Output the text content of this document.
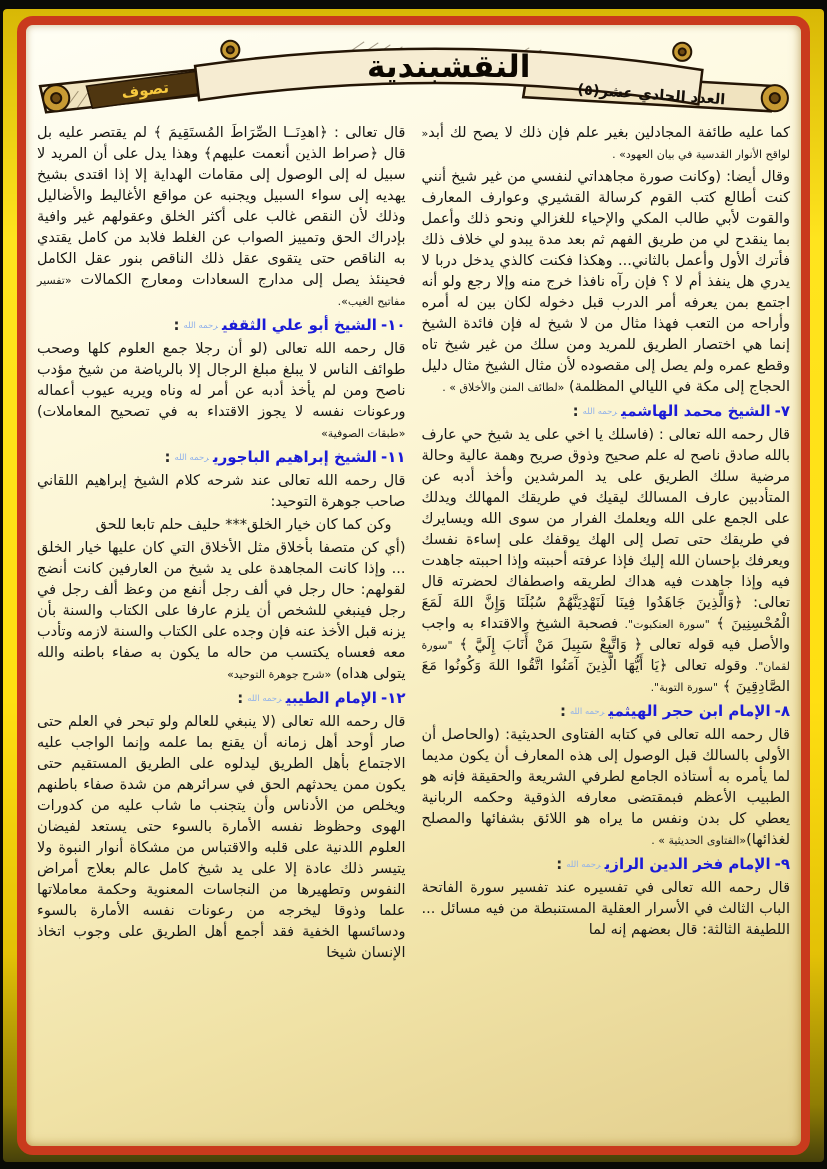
النقشبندية
العدد الحادي عشر(٥)
تصوف

كما عليه طائفة المجادلين بغير علم فإن ذلك لا يصح لك أبد« لواقح الأنوار القدسية في بيان العهود» .

وقال أيضا: (وكانت صورة مجاهداتي لنفسي من غير شيخ أنني كنت أطالع كتب القوم كرسالة القشيري وعوارف المعارف والقوت لأبي طالب المكي والإحياء للغزالي ونحو ذلك وأعمل بما ينقدح لي من طريق الفهم ثم بعد مدة يبدو لي خلاف ذلك فأترك الأول وأعمل بالثاني... وهكذا فكنت كالذي يدخل دربا لا يدري هل ينفذ أم لا ؟ فإن رآه نافذا خرج منه وإلا رجع ولو أنه اجتمع بمن يعرفه أمر الدرب قبل دخوله لكان بين له أمره وأراحه من التعب فهذا مثال من لا شيخ له فإن فائدة الشيخ إنما هي اختصار الطريق للمريد ومن سلك من غير شيخ تاه وقطع عمره ولم يصل إلى مقصوده لأن مثال الشيخ مثال دليل الحجاج إلى مكة في الليالي المظلمة) «لطائف المنن والأخلاق » .

٧-الشيخ محمد الهاشميرحمه الله:

قال رحمه الله تعالى : (فاسلك يا اخي على يد شيخ حي عارف بالله صادق ناصح له علم صحيح وذوق صريح وهمة عالية وحالة مرضية سلك الطريق على يد المرشدين وأخذ أدبه عن المتأدبين عارف المسالك ليقيك في طريقك المهالك ويدلك على الجمع على الله ويعلمك الفرار من سوى الله ويسايرك في طريقك حتى تصل إلى الهك يوقفك على إساءة نفسك ويعرفك بإحسان الله إليك فإذا عرفته أحببته وإذا احببته جاهدت فيه وإذا جاهدت فيه هداك لطريقه واصطفاك لحضرته قال تعالى: ﴿وَالَّذِينَ جَاهَدُوا فِينَا لَنَهْدِيَنَّهُمْ سُبُلَنَا وَإِنَّ اللهَ لَمَعَ الْمُحْسِنِينَ ﴾ "سورة العنكبوت". فصحبة الشيخ والاقتداء به واجب والأصل فيه قوله تعالى ﴿ وَاتَّبِعْ سَبِيلَ مَنْ أَنَابَ إِلَيَّ ﴾ "سورة لقمان". وقوله تعالى ﴿يَا أَيُّهَا الَّذِينَ آمَنُوا اتَّقُوا اللهَ وَكُونُوا مَعَ الصَّادِقِينَ ﴾ "سورة التوبة".

٨-الإمام ابن حجر الهيثميرحمه الله:

قال رحمه الله تعالى في كتابه الفتاوى الحديثية: (والحاصل أن الأولى بالسالك قبل الوصول إلى هذه المعارف أن يكون مديما لما يأمره به أستاذه الجامع لطرفي الشريعة والحقيقة فإنه هو الطبيب الأعظم فبمقتضى معارفه الذوقية وحكمه الربانية يعطي كل بدن ونفس ما يراه هو اللائق بشفائها والمصلح لغذائها)«الفتاوى الحديثية » .

٩-الإمام فخر الدين الرازيرحمه الله:

قال رحمه الله تعالى في تفسيره عند تفسير سورة الفاتحة الباب الثالث في الأسرار العقلية المستنبطة من فيه مسائل ... اللطيفة الثالثة: قال بعضهم إنه لما

قال تعالى : ﴿اهدِنَــا الصِّرَاطَ المُستَقِيمَ ﴾ لم يقتصر عليه بل قال ﴿صراط الذين أنعمت عليهم﴾ وهذا يدل على أن المريد لا سبيل له إلى الوصول إلى مقامات الهداية إلا إذا اقتدى بشيخ يهديه إلى سواء السبيل ويجنبه عن مواقع الأغاليط والأضاليل وذلك لأن النقص غالب على أكثر الخلق وعقولهم غير وافية بإدراك الحق وتمييز الصواب عن الغلط فلابد من كامل يقتدي به الناقص حتى يتقوى عقل ذلك الناقص بنور عقل الكامل فحينئذ يصل إلى مدارج السعادات ومعارج الكمالات «تفسير مفاتيح الغيب».

١٠-الشيخ أبو علي الثقفيرحمه الله:

قال رحمه الله تعالى (لو أن رجلا جمع العلوم كلها وصحب طوائف الناس لا يبلغ مبلغ الرجال إلا بالرياضة من شيخ مؤدب ناصح ومن لم يأخذ أدبه عن أمر له وناه ويريه عيوب أعماله ورعونات نفسه لا يجوز الاقتداء به في تصحيح المعاملات) «طبقات الصوفية»

١١-الشيخ إبراهيم الباجوريرحمه الله:

قال رحمه الله تعالى عند شرحه كلام الشيخ إبراهيم اللقاني صاحب جوهرة التوحيد:

وكن كما كان خيار الخلق*** حليف حلم تابعا للحق

(أي كن متصفا بأخلاق مثل الأخلاق التي كان عليها خيار الخلق ... وإذا كانت المجاهدة على يد شيخ من العارفين كانت أنضج لقولهم: حال رجل في ألف رجل أنفع من وعظ ألف رجل في رجل فينبغي للشخص أن يلزم عارفا على الكتاب والسنة بأن يزنه قبل الأخذ عنه فإن وجده على الكتاب والسنة لازمه وتأدب معه فعساه يكتسب من حاله ما يكون به صفاء باطنه والله يتولى هداه) «شرح جوهرة التوحيد»

١٢-الإمام الطيبيرحمه الله:

قال رحمه الله تعالى (لا ينبغي للعالم ولو تبحر في العلم حتى صار أوحد أهل زمانه أن يقنع بما علمه وإنما الواجب عليه الاجتماع بأهل الطريق ليدلوه على الطريق المستقيم حتى يكون ممن يحدثهم الحق في سرائرهم من شدة صفاء باطنهم ويخلص من الأدناس وأن يتجنب ما شاب عليه من كدورات الهوى وحظوظ نفسه الأمارة بالسوء حتى يستعد لفيضان العلوم اللدنية على قلبه والاقتباس من مشكاة أنوار النبوة ولا يتيسر ذلك عادة إلا على يد شيخ كامل عالم بعلاج أمراض النفوس وتطهيرها من النجاسات المعنوية وحكمة معاملاتها علما وذوقا ليخرجه من رعونات نفسه الأمارة بالسوء ودسائسها الخفية فقد أجمع أهل الطريق على وجوب اتخاذ الإنسان شيخا
